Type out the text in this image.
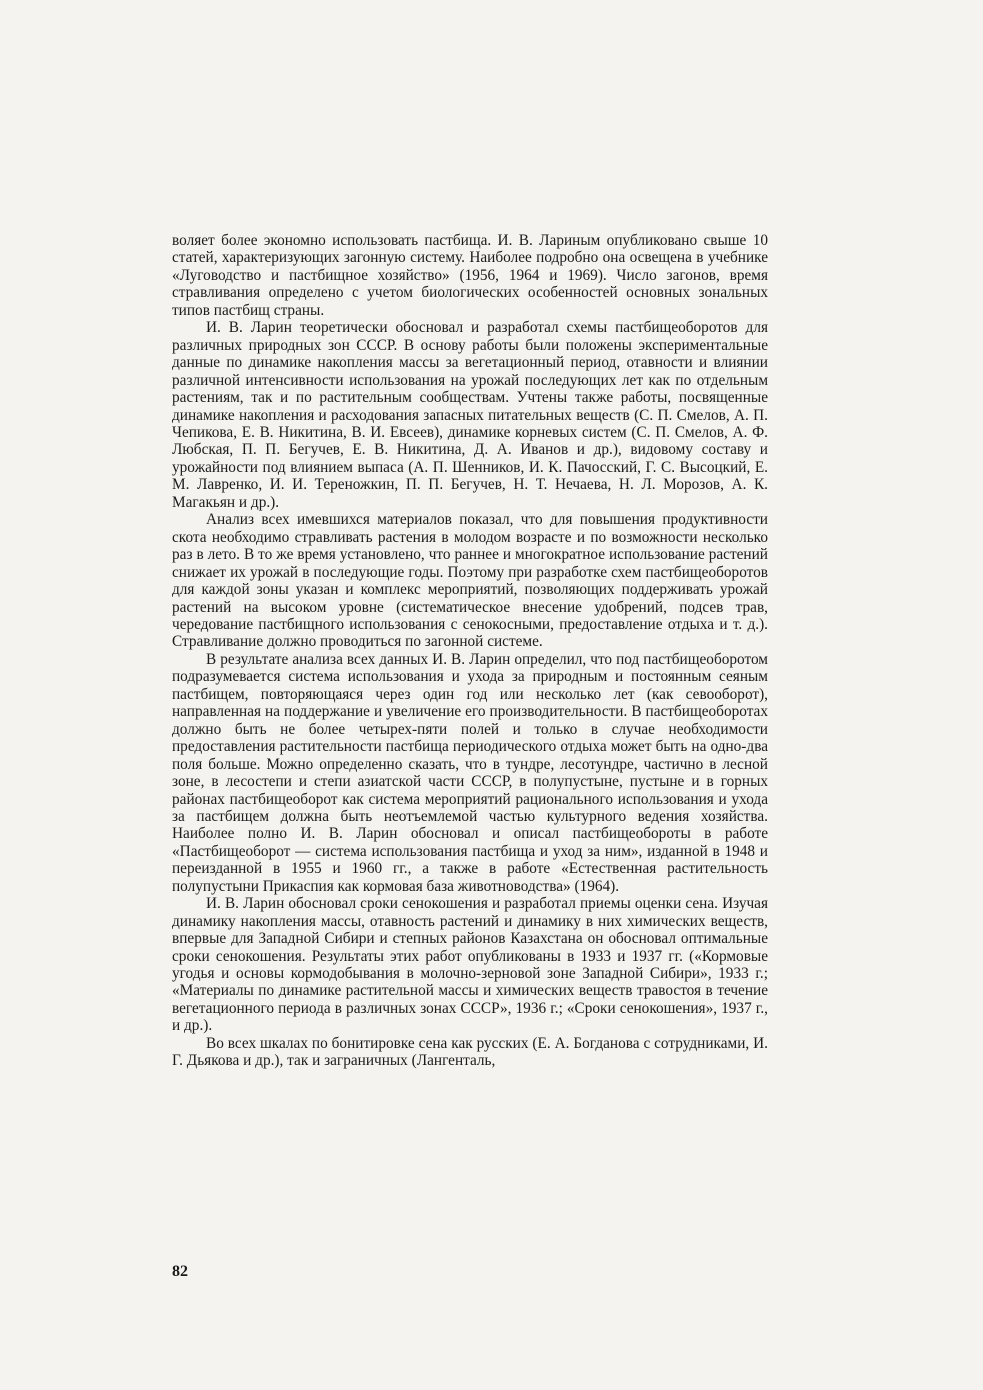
воляет более экономно использовать пастбища. И. В. Лариным опубликовано свыше 10 статей, характеризующих загонную систему. Наиболее подробно она освещена в учебнике «Луговодство и пастбищное хозяйство» (1956, 1964 и 1969). Число загонов, время стравливания определено с учетом биологических особенностей основных зональных типов пастбищ страны.

И. В. Ларин теоретически обосновал и разработал схемы пастбищеоборотов для различных природных зон СССР. В основу работы были положены экспериментальные данные по динамике накопления массы за вегетационный период, отавности и влиянии различной интенсивности использования на урожай последующих лет как по отдельным растениям, так и по растительным сообществам. Учтены также работы, посвященные динамике накопления и расходования запасных питательных веществ (С. П. Смелов, А. П. Чепикова, Е. В. Никитина, В. И. Евсеев), динамике корневых систем (С. П. Смелов, А. Ф. Любская, П. П. Бегучев, Е. В. Никитина, Д. А. Иванов и др.), видовому составу и урожайности под влиянием выпаса (А. П. Шенников, И. К. Пачосский, Г. С. Высоцкий, Е. М. Лавренко, И. И. Тереножкин, П. П. Бегучев, Н. Т. Нечаева, Н. Л. Морозов, А. К. Магакьян и др.).

Анализ всех имевшихся материалов показал, что для повышения продуктивности скота необходимо стравливать растения в молодом возрасте и по возможности несколько раз в лето. В то же время установлено, что раннее и многократное использование растений снижает их урожай в последующие годы. Поэтому при разработке схем пастбищеоборотов для каждой зоны указан и комплекс мероприятий, позволяющих поддерживать урожай растений на высоком уровне (систематическое внесение удобрений, подсев трав, чередование пастбищного использования с сенокосными, предоставление отдыха и т. д.). Стравливание должно проводиться по загонной системе.

В результате анализа всех данных И. В. Ларин определил, что под пастбищеоборотом подразумевается система использования и ухода за природным и постоянным сеяным пастбищем, повторяющаяся через один год или несколько лет (как севооборот), направленная на поддержание и увеличение его производительности. В пастбищеоборотах должно быть не более четырех-пяти полей и только в случае необходимости предоставления растительности пастбища периодического отдыха может быть на одно-два поля больше. Можно определенно сказать, что в тундре, лесотундре, частично в лесной зоне, в лесостепи и степи азиатской части СССР, в полупустыне, пустыне и в горных районах пастбищеоборот как система мероприятий рационального использования и ухода за пастбищем должна быть неотъемлемой частью культурного ведения хозяйства. Наиболее полно И. В. Ларин обосновал и описал пастбищеобороты в работе «Пастбищеоборот — система использования пастбища и уход за ним», изданной в 1948 и переизданной в 1955 и 1960 гг., а также в работе «Естественная растительность полупустыни Прикаспия как кормовая база животноводства» (1964).

И. В. Ларин обосновал сроки сенокошения и разработал приемы оценки сена. Изучая динамику накопления массы, отавность растений и динамику в них химических веществ, впервые для Западной Сибири и степных районов Казахстана он обосновал оптимальные сроки сенокошения. Результаты этих работ опубликованы в 1933 и 1937 гг. («Кормовые угодья и основы кормодобывания в молочно-зерновой зоне Западной Сибири», 1933 г.; «Материалы по динамике растительной массы и химических веществ травостоя в течение вегетационного периода в различных зонах СССР», 1936 г.; «Сроки сенокошения», 1937 г., и др.).

Во всех шкалах по бонитировке сена как русских (Е. А. Богданова с сотрудниками, И. Г. Дьякова и др.), так и заграничных (Лангенталь,

82
